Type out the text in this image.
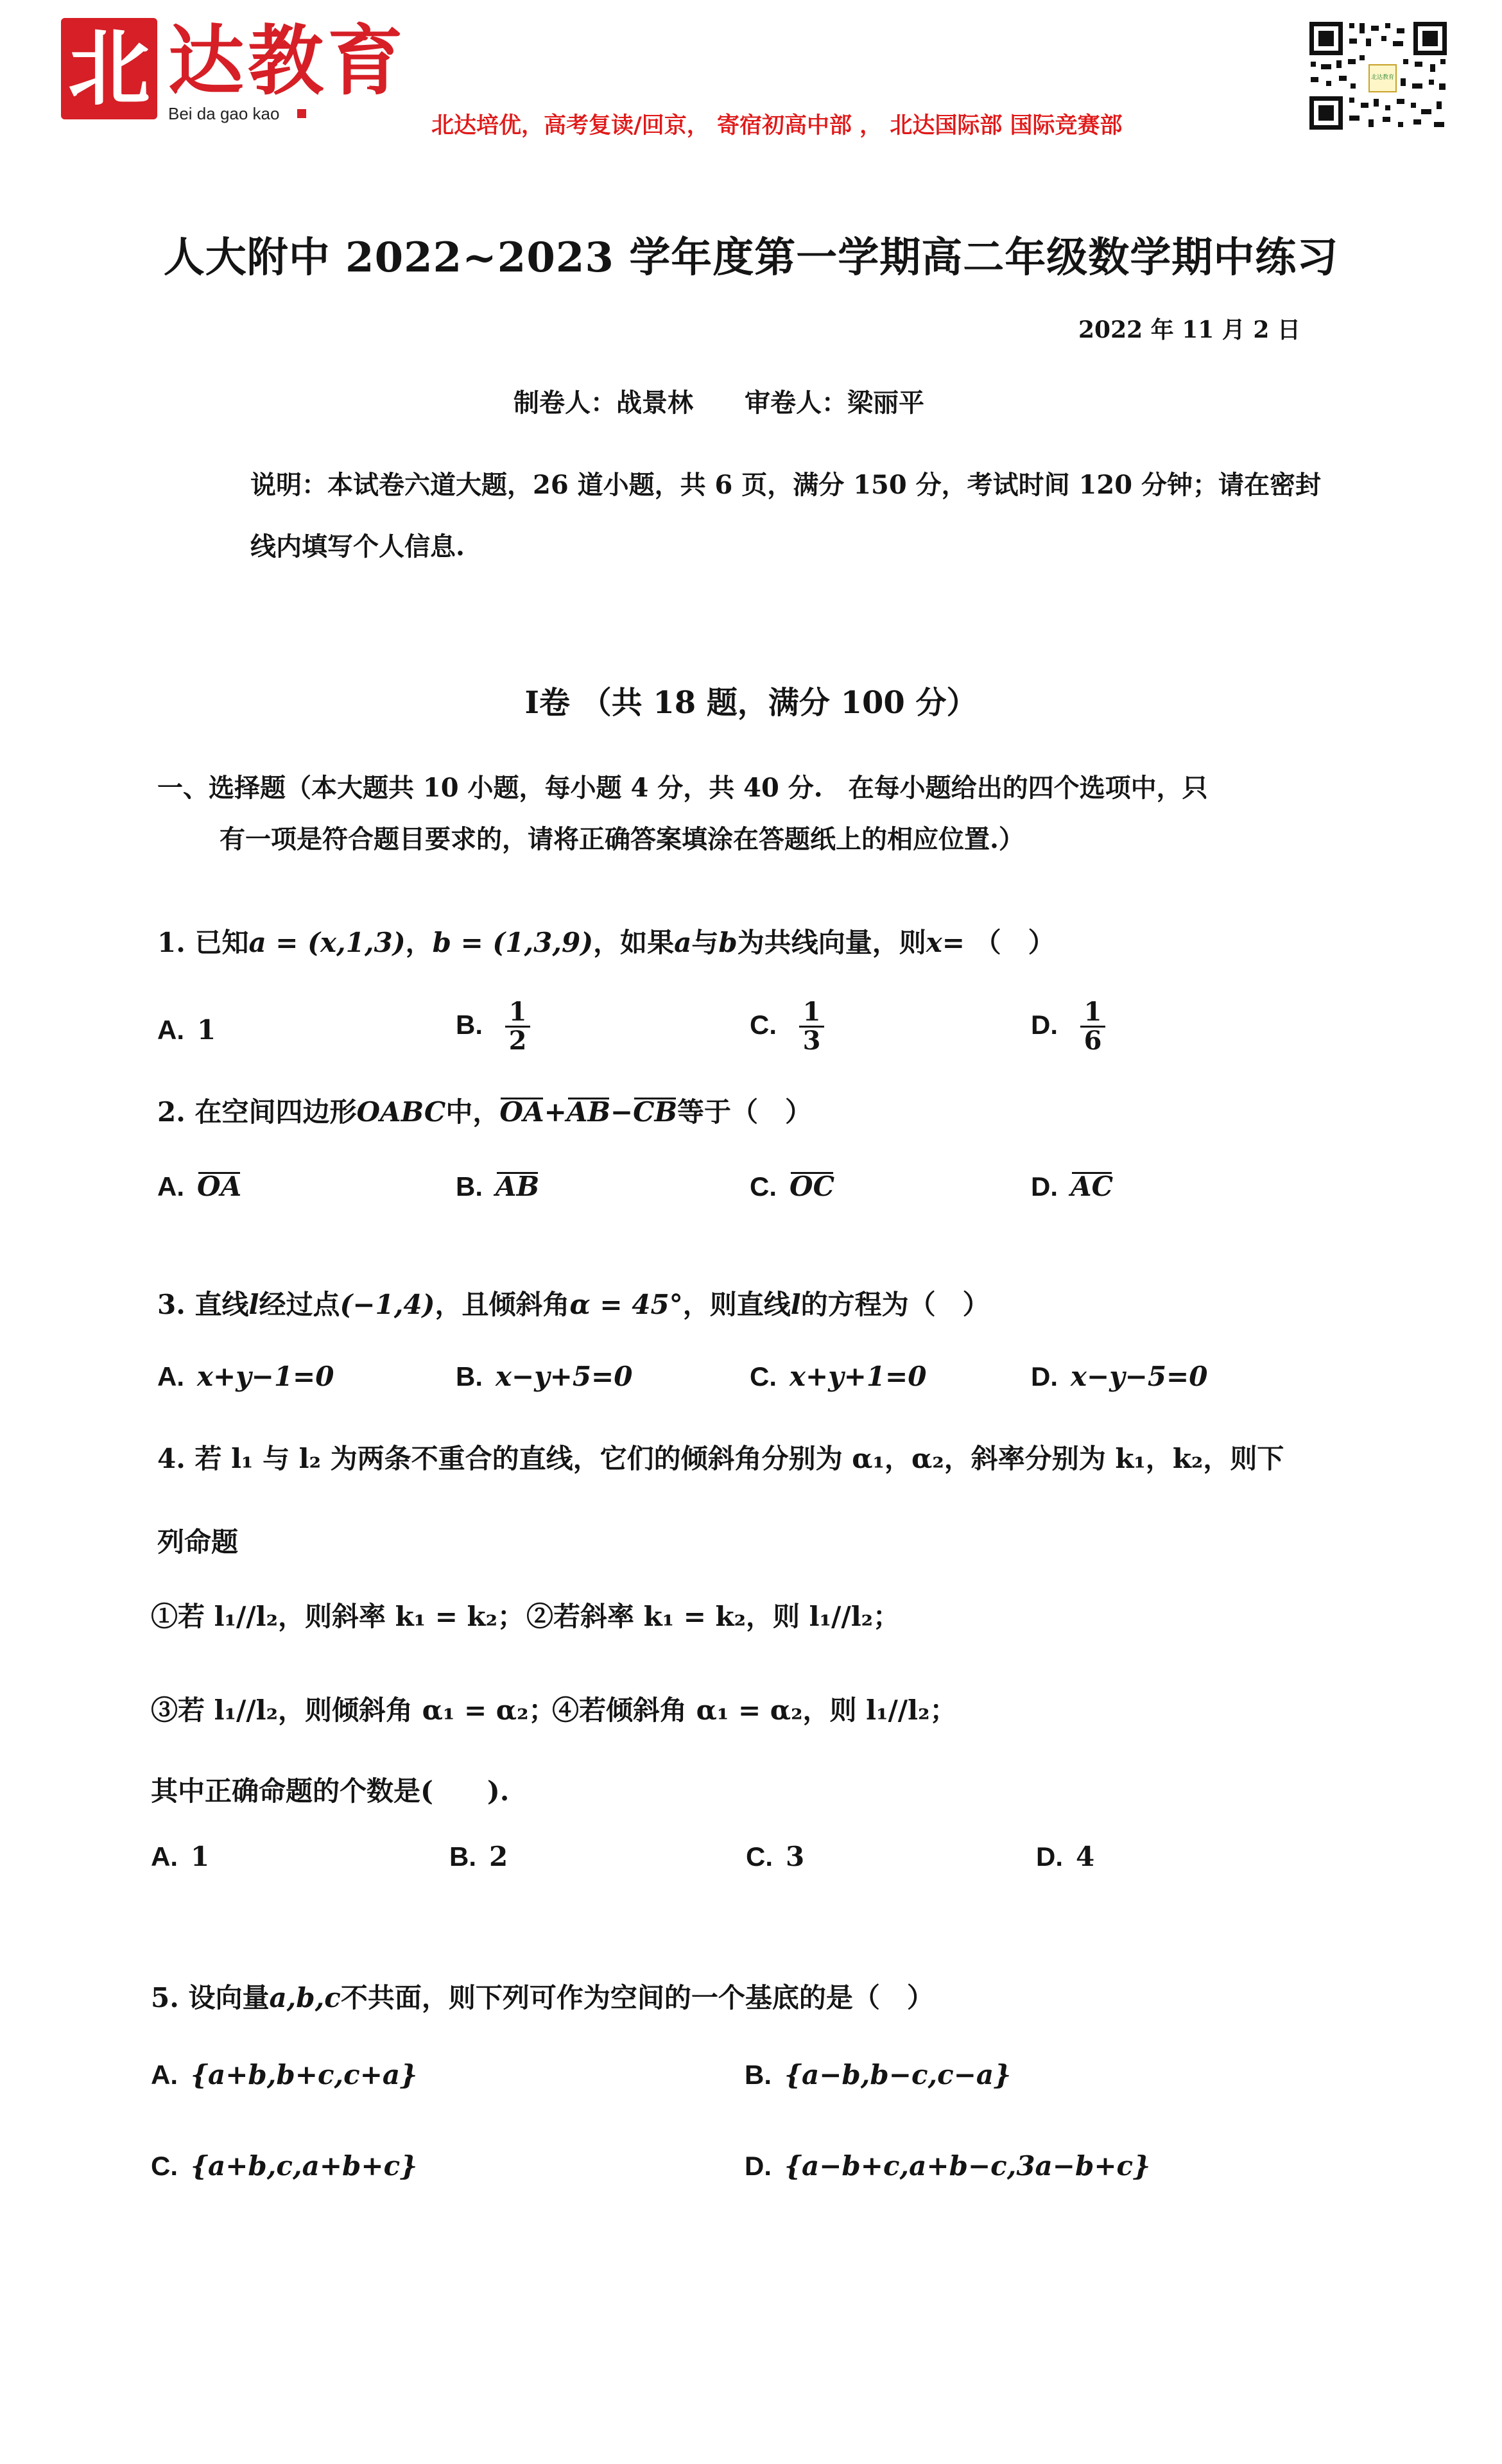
北 达教育
Bei da gao kao	北达培优，高考复读/回京， 寄宿初高中部 ， 北达国际部 国际竞赛部
北达教育
人大附中 2022~2023 学年度第一学期高二年级数学期中练习
2022 年 11 月 2 日
制卷人：战景林 审卷人：梁丽平
说明：本试卷六道大题，26 道小题，共 6 页，满分 150 分，考试时间 120 分钟；请在密封线内填写个人信息.
I卷 （共 18 题，满分 100 分）
一、选择题（本大题共 10 小题，每小题 4 分，共 40 分.　在每小题给出的四个选项中，只
有一项是符合题目要求的，请将正确答案填涂在答题纸上的相应位置.）
1. 已知a = (x,1,3)，b = (1,3,9)，如果a与b为共线向量，则x= （　）
A. 1	B. $\frac{1}{2}$	C. $\frac{1}{3}$	D. $\frac{1}{6}$
2. 在空间四边形OABC中，OA+AB−CB等于（　）
A. OA	B. AB	C. OC	D. AC
3. 直线l经过点(−1,4)，且倾斜角α = 45°，则直线l的方程为（　）
A. x+y−1=0	B. x−y+5=0	C. x+y+1=0	D. x−y−5=0
4. 若 l₁ 与 l₂ 为两条不重合的直线，它们的倾斜角分别为 α₁，α₂，斜率分别为 k₁，k₂，则下
列命题
①若 l₁//l₂，则斜率 k₁ = k₂； ②若斜率 k₁ = k₂，则 l₁//l₂；
③若 l₁//l₂，则倾斜角 α₁ = α₂；
④若倾斜角 α₁ = α₂，则 l₁//l₂；
其中正确命题的个数是(　　).
A. 1	B. 2	C. 3	D. 4
5. 设向量a,b,c不共面，则下列可作为空间的一个基底的是（　）
A. {a+b,b+c,c+a}	B. {a−b,b−c,c−a}
C. {a+b,c,a+b+c}	D. {a−b+c,a+b−c,3a−b+c}
